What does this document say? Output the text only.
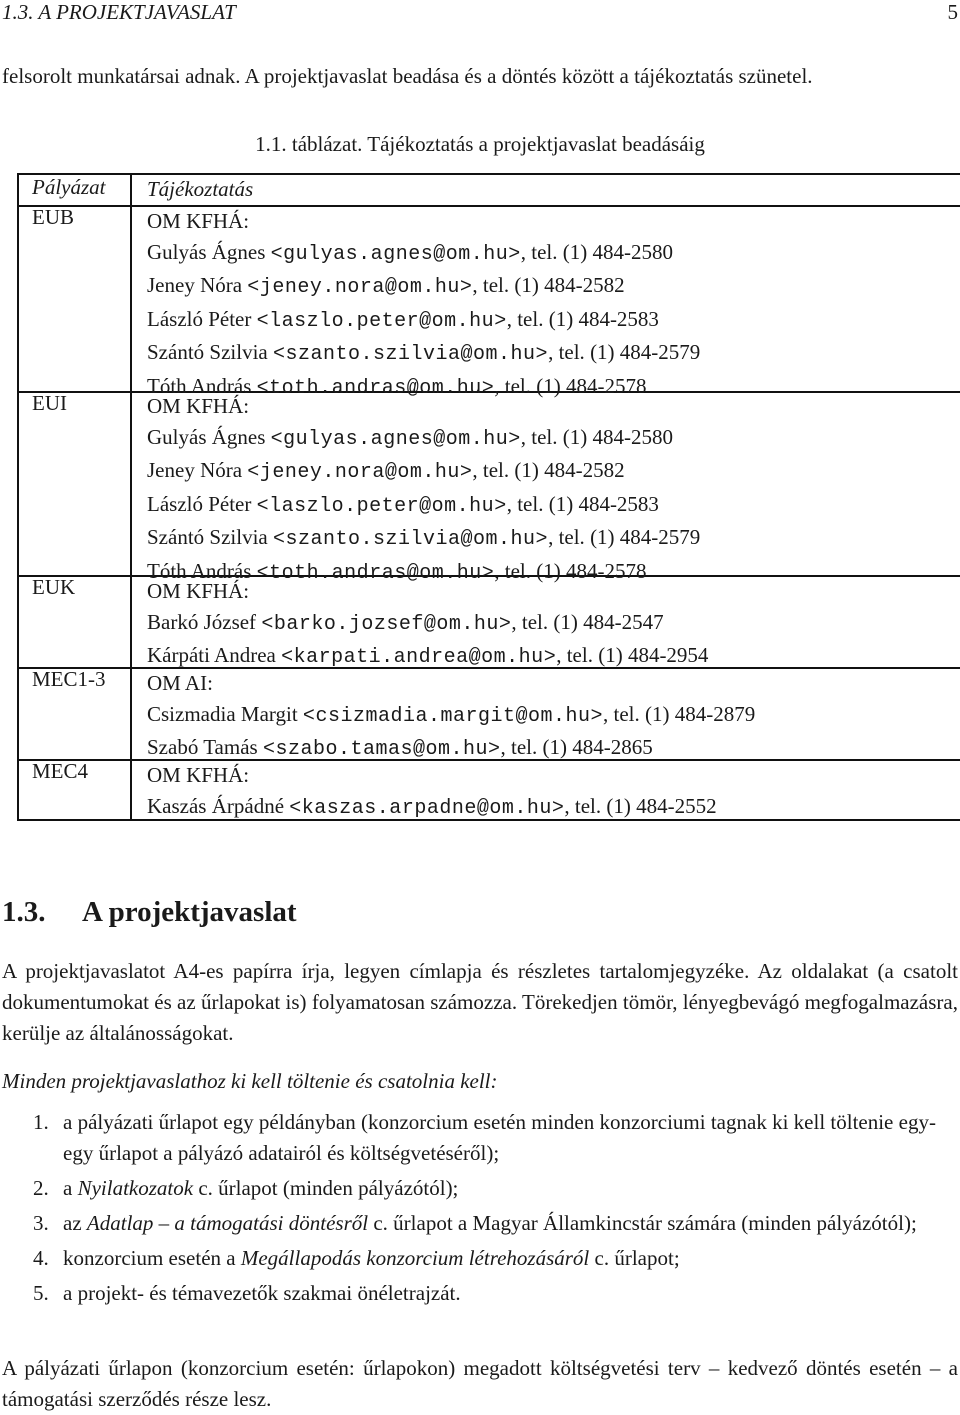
1.3. A PROJEKTJAVASLAT	5

felsorolt munkatársai adnak. A projektjavaslat beadása és a döntés között a tájékoztatás szünetel.

1.1. táblázat. Tájékoztatás a projektjavaslat beadásáig
Pályázat Tájékoztatás
EUB	OM KFHÁ:
Gulyás Ágnes <gulyas.agnes@om.hu>, tel. (1) 484-2580
Jeney Nóra <jeney.nora@om.hu>, tel. (1) 484-2582
László Péter <laszlo.peter@om.hu>, tel. (1) 484-2583
Szántó Szilvia <szanto.szilvia@om.hu>, tel. (1) 484-2579
Tóth András <toth.andras@om.hu>, tel. (1) 484-2578
EUI	OM KFHÁ:
Gulyás Ágnes <gulyas.agnes@om.hu>, tel. (1) 484-2580
Jeney Nóra <jeney.nora@om.hu>, tel. (1) 484-2582
László Péter <laszlo.peter@om.hu>, tel. (1) 484-2583
Szántó Szilvia <szanto.szilvia@om.hu>, tel. (1) 484-2579
Tóth András <toth.andras@om.hu>, tel. (1) 484-2578
EUK	OM KFHÁ:
Barkó József <barko.jozsef@om.hu>, tel. (1) 484-2547
Kárpáti Andrea <karpati.andrea@om.hu>, tel. (1) 484-2954
MEC1-3 OM AI:
Csizmadia Margit <csizmadia.margit@om.hu>, tel. (1) 484-2879
Szabó Tamás <szabo.tamas@om.hu>, tel. (1) 484-2865
MEC4	OM KFHÁ:
Kaszás Árpádné <kaszas.arpadne@om.hu>, tel. (1) 484-2552
1.3. A projektjavaslat

A projektjavaslatot A4-es papírra írja, legyen címlapja és részletes tartalomjegyzéke. Az oldalakat (a csatolt dokumentumokat és az űrlapokat is) folyamatosan számozza. Törekedjen tömör, lényegbevágó megfogalmazásra, kerülje az általánosságokat.

Minden projektjavaslathoz ki kell töltenie és csatolnia kell:

1. a pályázati űrlapot egy példányban (konzorcium esetén minden konzorciumi tagnak ki kell töltenie egy-egy űrlapot a pályázó adatairól és költségvetéséről);
2. a Nyilatkozatok c. űrlapot (minden pályázótól);
3. az Adatlap – a támogatási döntésről c. űrlapot a Magyar Államkincstár számára (minden pályázótól);
4. konzorcium esetén a Megállapodás konzorcium létrehozásáról c. űrlapot;
5. a projekt- és témavezetők szakmai önéletrajzát.

A pályázati űrlapon (konzorcium esetén: űrlapokon) megadott költségvetési terv – kedvező döntés esetén – a támogatási szerződés része lesz.
